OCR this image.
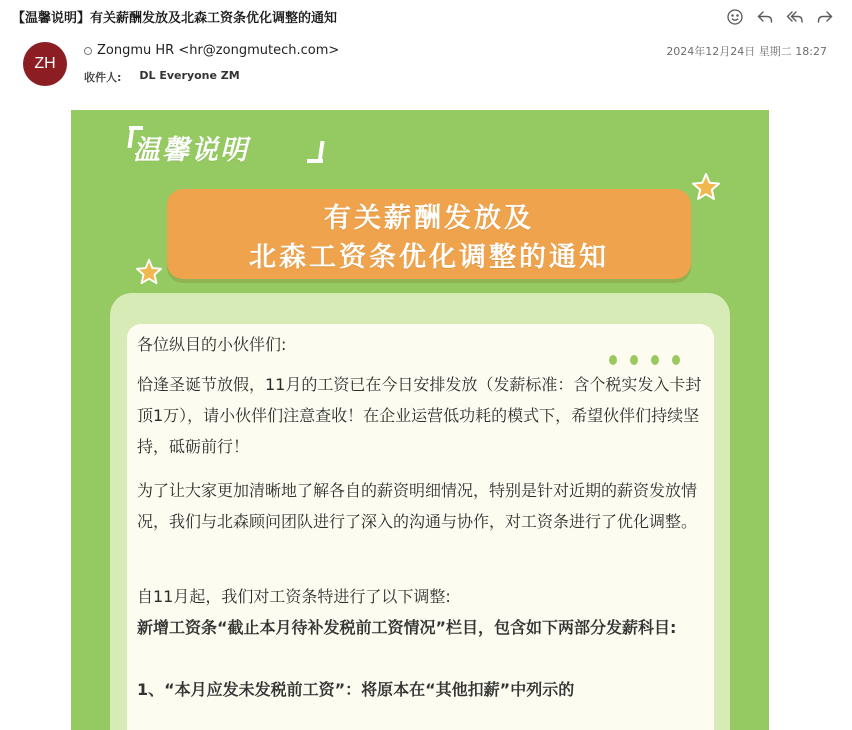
【温馨说明】有关薪酬发放及北森工资条优化调整的通知
ZH
Zongmu HR <hr@zongmutech.com>
收件人: DL Everyone ZM
2024年12月24日 星期二 18:27
温馨说明
有关薪酬发放及
北森工资条优化调整的通知

各位纵目的小伙伴们:

恰逢圣诞节放假，11月的工资已在今日安排发放（发薪标准：含个税实发入卡封顶1万），请小伙伴们注意查收！在企业运营低功耗的模式下，希望伙伴们持续坚持，砥砺前行！

为了让大家更加清晰地了解各自的薪资明细情况，特别是针对近期的薪资发放情况，我们与北森顾问团队进行了深入的沟通与协作，对工资条进行了优化调整。

自11月起，我们对工资条特进行了以下调整:

新增工资条“截止本月待补发税前工资情况”栏目，包含如下两部分发薪科目:

1、“本月应发未发税前工资”：将原本在“其他扣薪”中列示的
